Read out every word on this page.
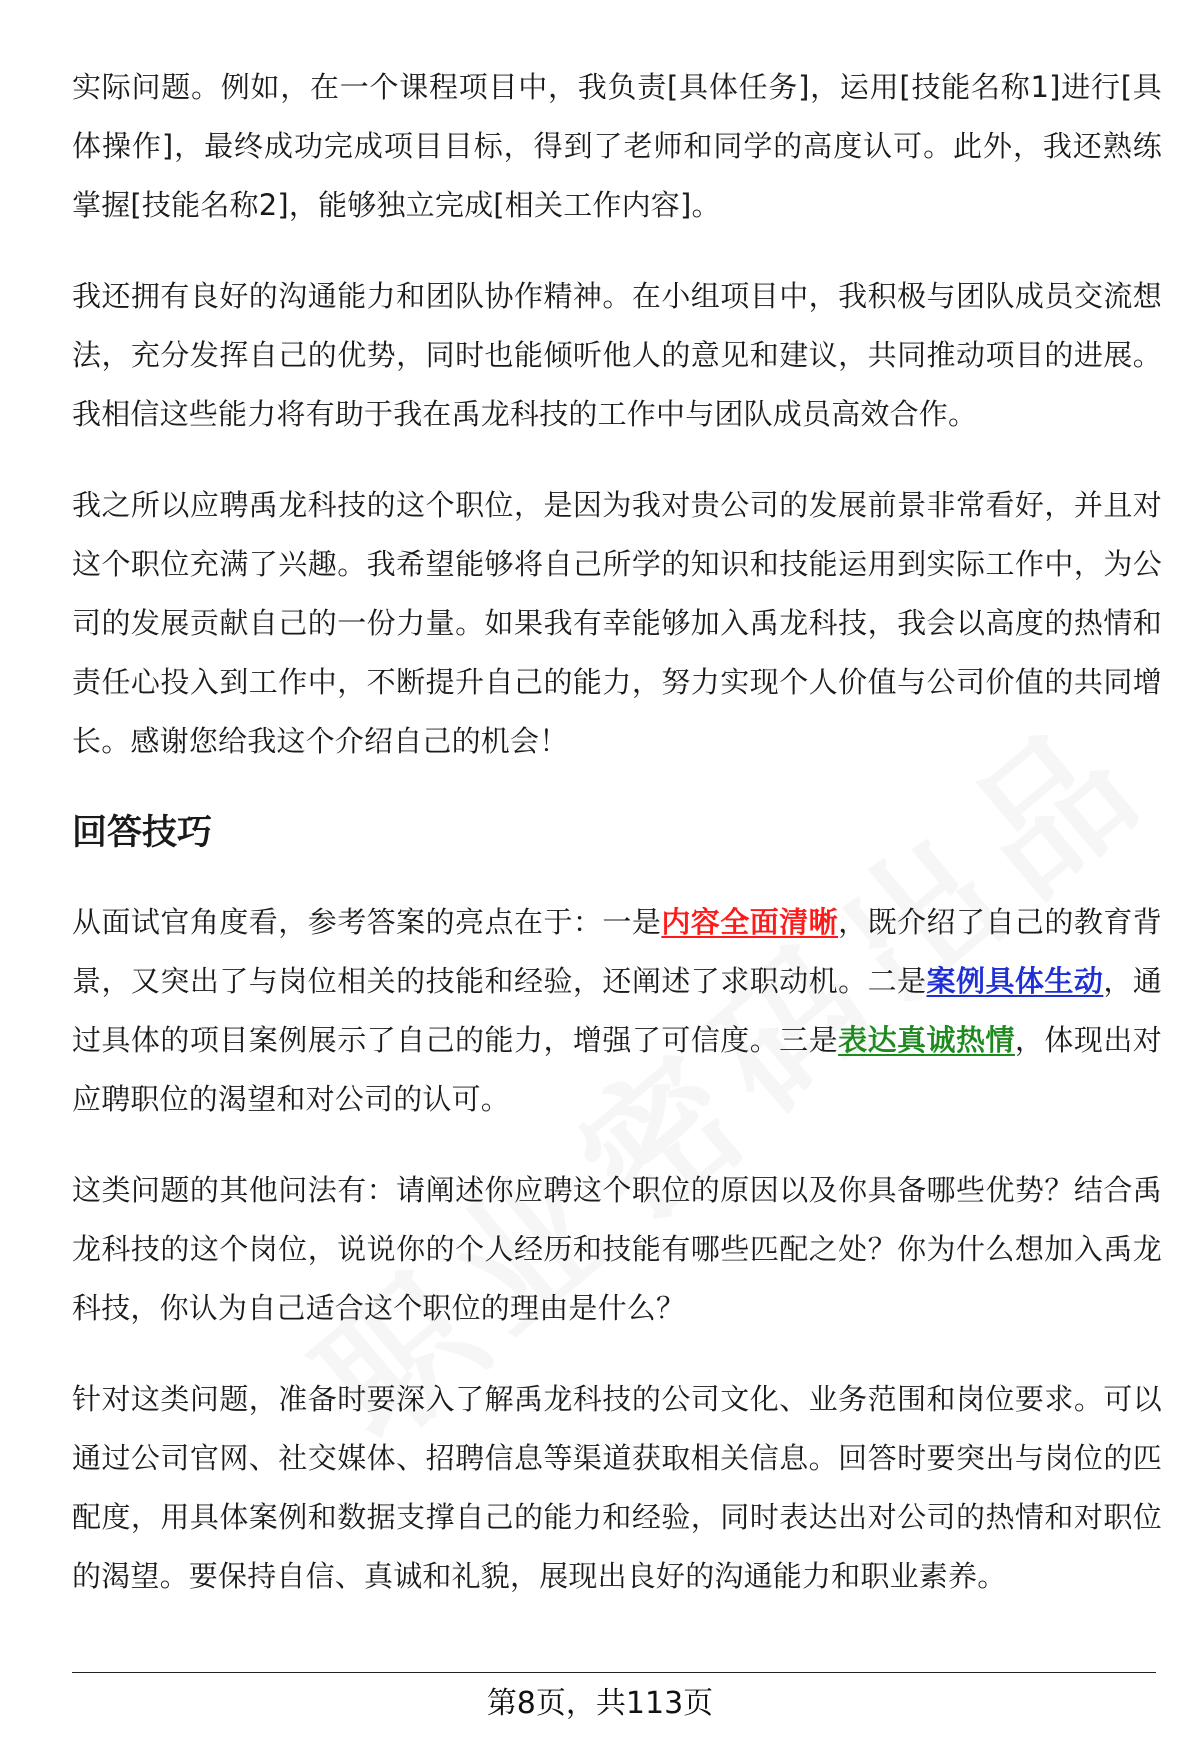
实际问题。例如，在一个课程项目中，我负责[具体任务]，运用[技能名称1]进行[具体操作]，最终成功完成项目目标，得到了老师和同学的高度认可。此外，我还熟练掌握[技能名称2]，能够独立完成[相关工作内容]。

我还拥有良好的沟通能力和团队协作精神。在小组项目中，我积极与团队成员交流想法，充分发挥自己的优势，同时也能倾听他人的意见和建议，共同推动项目的进展。我相信这些能力将有助于我在禹龙科技的工作中与团队成员高效合作。

我之所以应聘禹龙科技的这个职位，是因为我对贵公司的发展前景非常看好，并且对这个职位充满了兴趣。我希望能够将自己所学的知识和技能运用到实际工作中，为公司的发展贡献自己的一份力量。如果我有幸能够加入禹龙科技，我会以高度的热情和责任心投入到工作中，不断提升自己的能力，努力实现个人价值与公司价值的共同增长。感谢您给我这个介绍自己的机会！

回答技巧

从面试官角度看，参考答案的亮点在于：一是内容全面清晰，既介绍了自己的教育背景，又突出了与岗位相关的技能和经验，还阐述了求职动机。二是案例具体生动，通过具体的项目案例展示了自己的能力，增强了可信度。三是表达真诚热情，体现出对应聘职位的渴望和对公司的认可。

这类问题的其他问法有：请阐述你应聘这个职位的原因以及你具备哪些优势？结合禹龙科技的这个岗位，说说你的个人经历和技能有哪些匹配之处？你为什么想加入禹龙科技，你认为自己适合这个职位的理由是什么？

针对这类问题，准备时要深入了解禹龙科技的公司文化、业务范围和岗位要求。可以通过公司官网、社交媒体、招聘信息等渠道获取相关信息。回答时要突出与岗位的匹配度，用具体案例和数据支撑自己的能力和经验，同时表达出对公司的热情和对职位的渴望。要保持自信、真诚和礼貌，展现出良好的沟通能力和职业素养。

第8页，共113页
